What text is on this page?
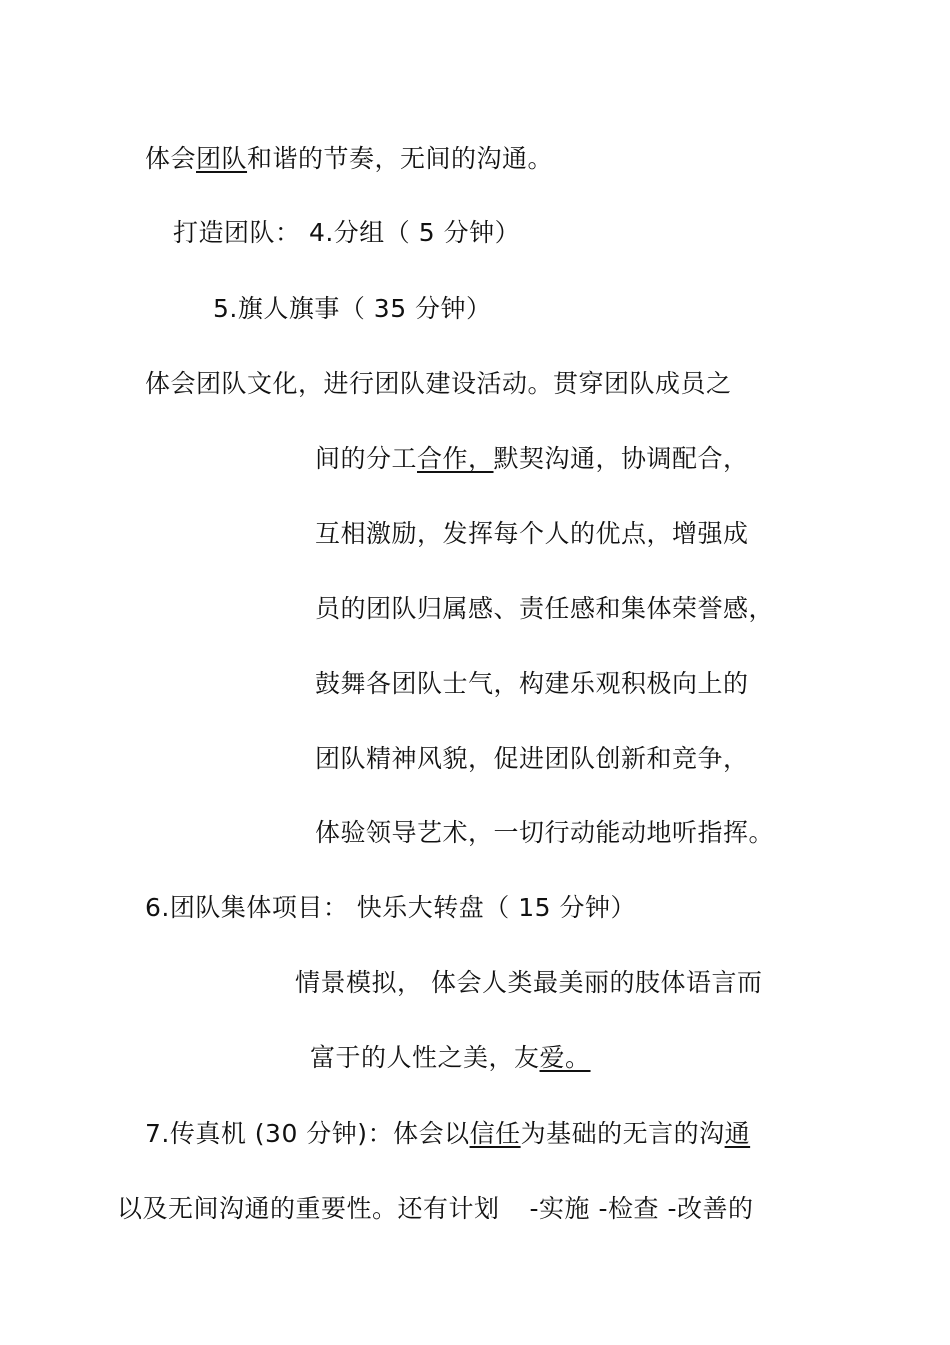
体会团队和谐的节奏，无间的沟通。
打造团队： 4.分组（ 5 分钟）
5.旗人旗事（ 35 分钟）
体会团队文化，进行团队建设活动。贯穿团队成员之
间的分工合作，默契沟通，协调配合，
互相激励，发挥每个人的优点，增强成
员的团队归属感、责任感和集体荣誉感，
鼓舞各团队士气，构建乐观积极向上的
团队精神风貌，促进团队创新和竞争，
体验领导艺术，一切行动能动地听指挥。
6.团队集体项目： 快乐大转盘（ 15 分钟）
情景模拟， 体会人类最美丽的肢体语言而
富于的人性之美，友爱。
7.传真机 (30 分钟)：体会以信任为基础的无言的沟通
以及无间沟通的重要性。还有计划 -实施 -检查 -改善的
